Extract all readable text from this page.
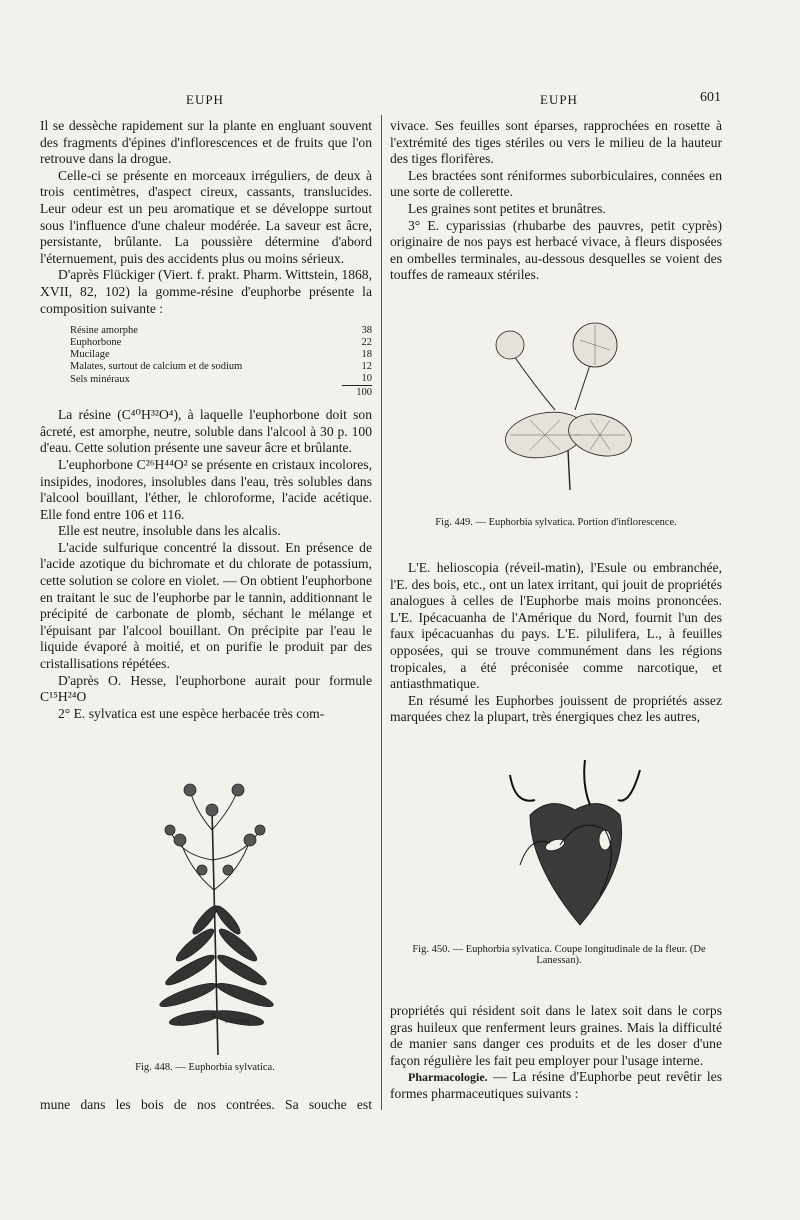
EUPH	EUPH	601

Il se dessèche rapidement sur la plante en engluant souvent des fragments d'épines d'inflorescences et de fruits que l'on retrouve dans la drogue.

Celle-ci se présente en morceaux irréguliers, de deux à trois centimètres, d'aspect cireux, cassants, translucides. Leur odeur est un peu aromatique et se développe surtout sous l'influence d'une chaleur modérée. La saveur est âcre, persistante, brûlante. La poussière détermine d'abord l'éternuement, puis des accidents plus ou moins sérieux.

D'après Flückiger (Viert. f. prakt. Pharm. Wittstein, 1868, XVII, 82, 102) la gomme-résine d'euphorbe présente la composition suivante :

Résine amorphe	38
Euphorbone	22
Mucilage	18
Malates, surtout de calcium et de sodium	12
Sels minéraux	10
	100

La résine (C⁴⁰H³²O⁴), à laquelle l'euphorbone doit son âcreté, est amorphe, neutre, soluble dans l'alcool à 30 p. 100 d'eau. Cette solution présente une saveur âcre et brûlante.

L'euphorbone C²⁶H⁴⁴O² se présente en cristaux incolores, insipides, inodores, insolubles dans l'eau, très solubles dans l'alcool bouillant, l'éther, le chloroforme, l'acide acétique. Elle fond entre 106 et 116.

Elle est neutre, insoluble dans les alcalis.

L'acide sulfurique concentré la dissout. En présence de l'acide azotique du bichromate et du chlorate de potassium, cette solution se colore en violet. — On obtient l'euphorbone en traitant le suc de l'euphorbe par le tannin, additionnant le précipité de carbonate de plomb, séchant le mélange et l'épuisant par l'alcool bouillant. On précipite par l'eau le liquide évaporé à moitié, et on purifie le produit par des cristallisations répétées.

D'après O. Hesse, l'euphorbone aurait pour formule C¹⁵H²⁴O

2° E. sylvatica est une espèce herbacée très com-

EVEGITH
Fig. 448. — Euphorbia sylvatica.
mune dans les bois de nos contrées. Sa souche est

vivace. Ses feuilles sont éparses, rapprochées en rosette à l'extrémité des tiges stériles ou vers le milieu de la hauteur des tiges florifères.

Les bractées sont réniformes suborbiculaires, connées en une sorte de collerette.

Les graines sont petites et brunâtres.

3° E. cyparissias (rhubarbe des pauvres, petit cyprès) originaire de nos pays est herbacé vivace, à fleurs disposées en ombelles terminales, au-dessous desquelles se voient des touffes de rameaux stériles.

Fig. 449. — Euphorbia sylvatica. Portion d'inflorescence.

L'E. helioscopia (réveil-matin), l'Esule ou embranchée, l'E. des bois, etc., ont un latex irritant, qui jouit de propriétés analogues à celles de l'Euphorbe mais moins prononcées. L'E. Ipécacuanha de l'Amérique du Nord, fournit l'un des faux ipécacuanhas du pays. L'E. pilulifera, L., à feuilles opposées, qui se trouve communément dans les régions tropicales, a été préconisée comme narcotique, et antiasthmatique.

En résumé les Euphorbes jouissent de propriétés assez marquées chez la plupart, très énergiques chez les autres,

Fig. 450. — Euphorbia sylvatica. Coupe longitudinale de la fleur. (De Lanessan).

propriétés qui résident soit dans le latex soit dans le corps gras huileux que renferment leurs graines. Mais la difficulté de manier sans danger ces produits et de les doser d'une façon régulière les fait peu employer pour l'usage interne.

Pharmacologie. — La résine d'Euphorbe peut revêtir les formes pharmaceutiques suivants :
